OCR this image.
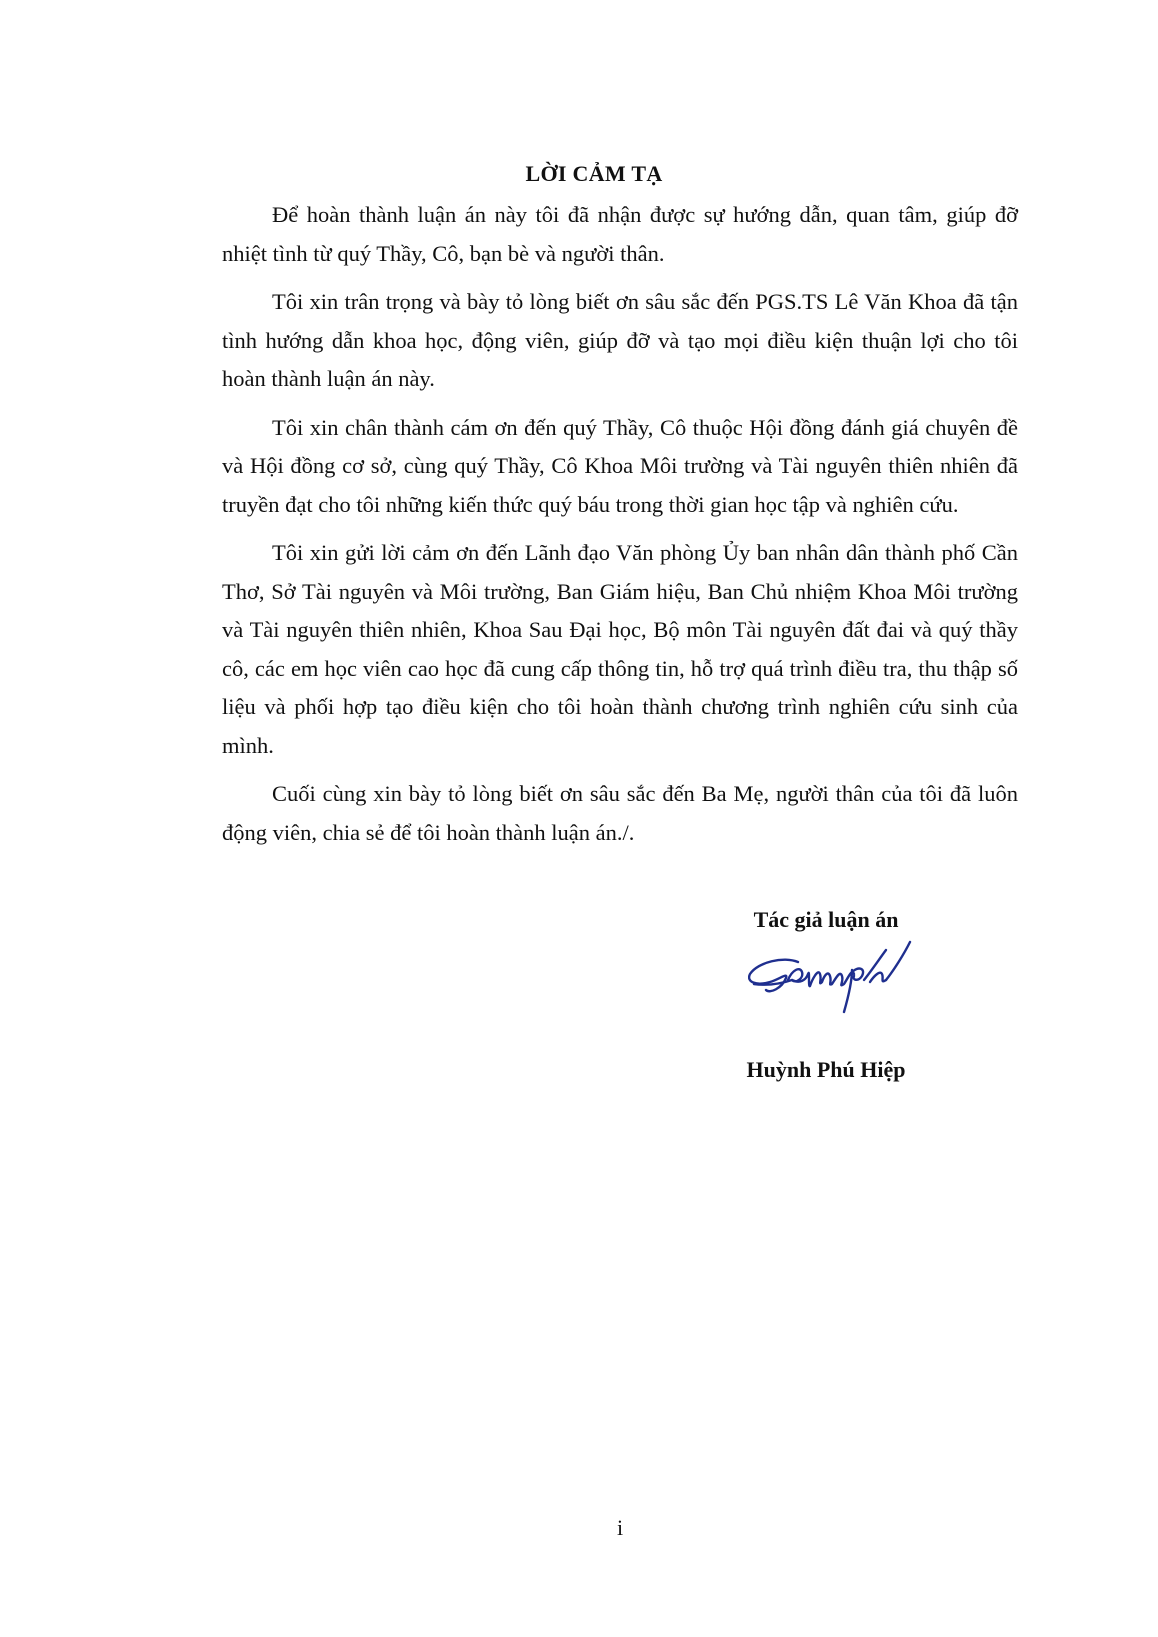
LỜI CẢM TẠ

Để hoàn thành luận án này tôi đã nhận được sự hướng dẫn, quan tâm, giúp đỡ nhiệt tình từ quý Thầy, Cô, bạn bè và người thân.

Tôi xin trân trọng và bày tỏ lòng biết ơn sâu sắc đến PGS.TS Lê Văn Khoa đã tận tình hướng dẫn khoa học, động viên, giúp đỡ và tạo mọi điều kiện thuận lợi cho tôi hoàn thành luận án này.

Tôi xin chân thành cám ơn đến quý Thầy, Cô thuộc Hội đồng đánh giá chuyên đề và Hội đồng cơ sở, cùng quý Thầy, Cô Khoa Môi trường và Tài nguyên thiên nhiên đã truyền đạt cho tôi những kiến thức quý báu trong thời gian học tập và nghiên cứu.

Tôi xin gửi lời cảm ơn đến Lãnh đạo Văn phòng Ủy ban nhân dân thành phố Cần Thơ, Sở Tài nguyên và Môi trường, Ban Giám hiệu, Ban Chủ nhiệm Khoa Môi trường và Tài nguyên thiên nhiên, Khoa Sau Đại học, Bộ môn Tài nguyên đất đai và quý thầy cô, các em học viên cao học đã cung cấp thông tin, hỗ trợ quá trình điều tra, thu thập số liệu và phối hợp tạo điều kiện cho tôi hoàn thành chương trình nghiên cứu sinh của mình.

Cuối cùng xin bày tỏ lòng biết ơn sâu sắc đến Ba Mẹ, người thân của tôi đã luôn động viên, chia sẻ để tôi hoàn thành luận án./.

Tác giả luận án
Huỳnh Phú Hiệp
i
